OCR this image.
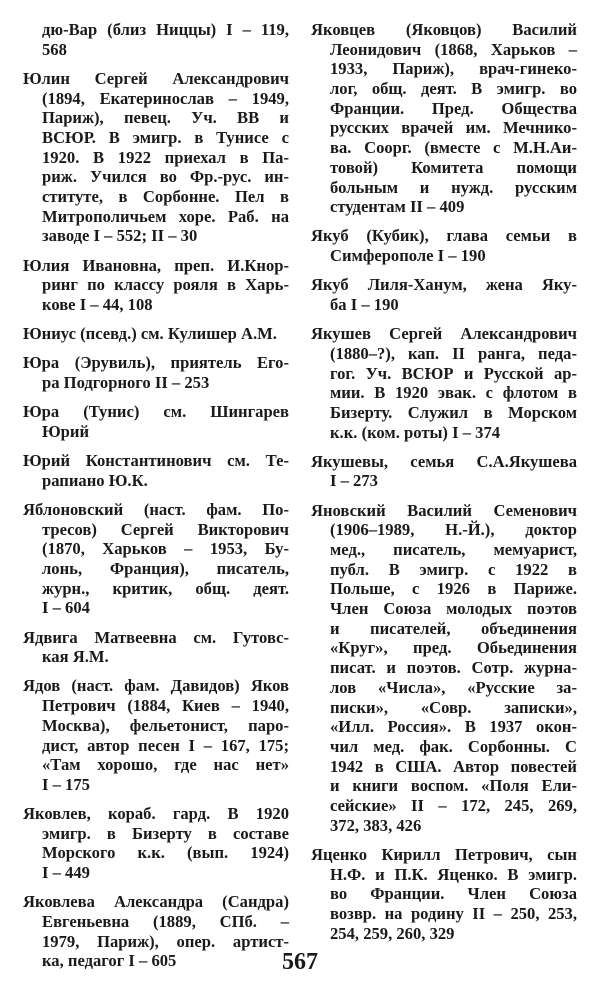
дю-Вар (близ Ниццы) I – 119,
568
Юлин Сергей Александрович
(1894, Екатеринослав – 1949,
Париж), певец. Уч. ВВ и
ВСЮР. В эмигр. в Тунисе с
1920. В 1922 приехал в Па-
риж. Учился во Фр.-рус. ин-
ституте, в Сорбонне. Пел в
Митрополичьем хоре. Раб. на
заводе I – 552; II – 30
Юлия Ивановна, преп. И.Кнор-
ринг по классу рояля в Харь-
кове I – 44, 108
Юниус (псевд.) см. Кулишер А.М.
Юра (Эрувиль), приятель Его-
ра Подгорного II – 253
Юра (Тунис) см. Шингарев
Юрий
Юрий Константинович см. Те-
рапиано Ю.К.
Яблоновский (наст. фам. По-
тресов) Сергей Викторович
(1870, Харьков – 1953, Бу-
лонь, Франция), писатель,
журн., критик, общ. деят.
I – 604
Ядвига Матвеевна см. Гутовс-
кая Я.М.
Ядов (наст. фам. Давидов) Яков
Петрович (1884, Киев – 1940,
Москва), фельетонист, паро-
дист, автор песен I – 167, 175;
«Там хорошо, где нас нет»
I – 175
Яковлев, кораб. гард. В 1920
эмигр. в Бизерту в составе
Морского к.к. (вып. 1924)
I – 449
Яковлева Александра (Сандра)
Евгеньевна (1889, СПб. –
1979, Париж), опер. артист-
ка, педагог I – 605
Яковцев (Яковцов) Василий
Леонидович (1868, Харьков –
1933, Париж), врач-гинеко-
лог, общ. деят. В эмигр. во
Франции. Пред. Общества
русских врачей им. Мечнико-
ва. Соорг. (вместе с М.Н.Аи-
товой) Комитета помощи
больным и нужд. русским
студентам II – 409
Якуб (Кубик), глава семьи в
Симферополе I – 190
Якуб Лиля-Ханум, жена Яку-
ба I – 190
Якушев Сергей Александрович
(1880–?), кап. II ранга, педа-
гог. Уч. ВСЮР и Русской ар-
мии. В 1920 эвак. с флотом в
Бизерту. Служил в Морском
к.к. (ком. роты) I – 374
Якушевы, семья С.А.Якушева
I – 273
Яновский Василий Семенович
(1906–1989, Н.-Й.), доктор
мед., писатель, мемуарист,
публ. В эмигр. с 1922 в
Польше, с 1926 в Париже.
Член Союза молодых поэтов
и писателей, объединения
«Круг», пред. Обьединения
писат. и поэтов. Сотр. журна-
лов «Числа», «Русские за-
писки», «Совр. записки»,
«Илл. Россия». В 1937 окон-
чил мед. фак. Сорбонны. С
1942 в США. Автор повестей
и книги воспом. «Поля Ели-
сейские» II – 172, 245, 269,
372, 383, 426
Яценко Кирилл Петрович, сын
Н.Ф. и П.К. Яценко. В эмигр.
во Франции. Член Союза
возвр. на родину II – 250, 253,
254, 259, 260, 329
567
